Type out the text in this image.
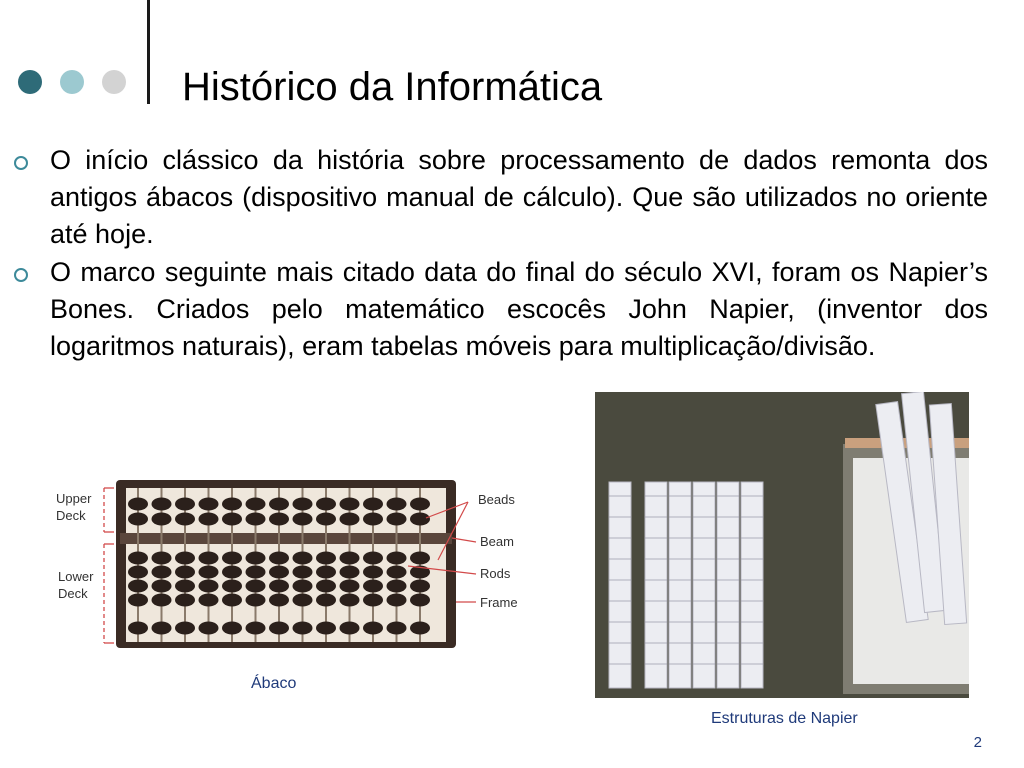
Histórico da Informática
O início clássico da história sobre processamento de dados remonta dos antigos ábacos (dispositivo manual de cálculo). Que são utilizados no oriente até hoje.
O marco seguinte mais citado data do final do século XVI, foram os Napier’s Bones. Criados pelo matemático escocês John Napier, (inventor dos logaritmos naturais), eram tabelas móveis para multiplicação/divisão.
Upper
Deck
Lower
Deck
Beads
Beam
Rods
Frame
Ábaco
Estruturas de Napier
2
